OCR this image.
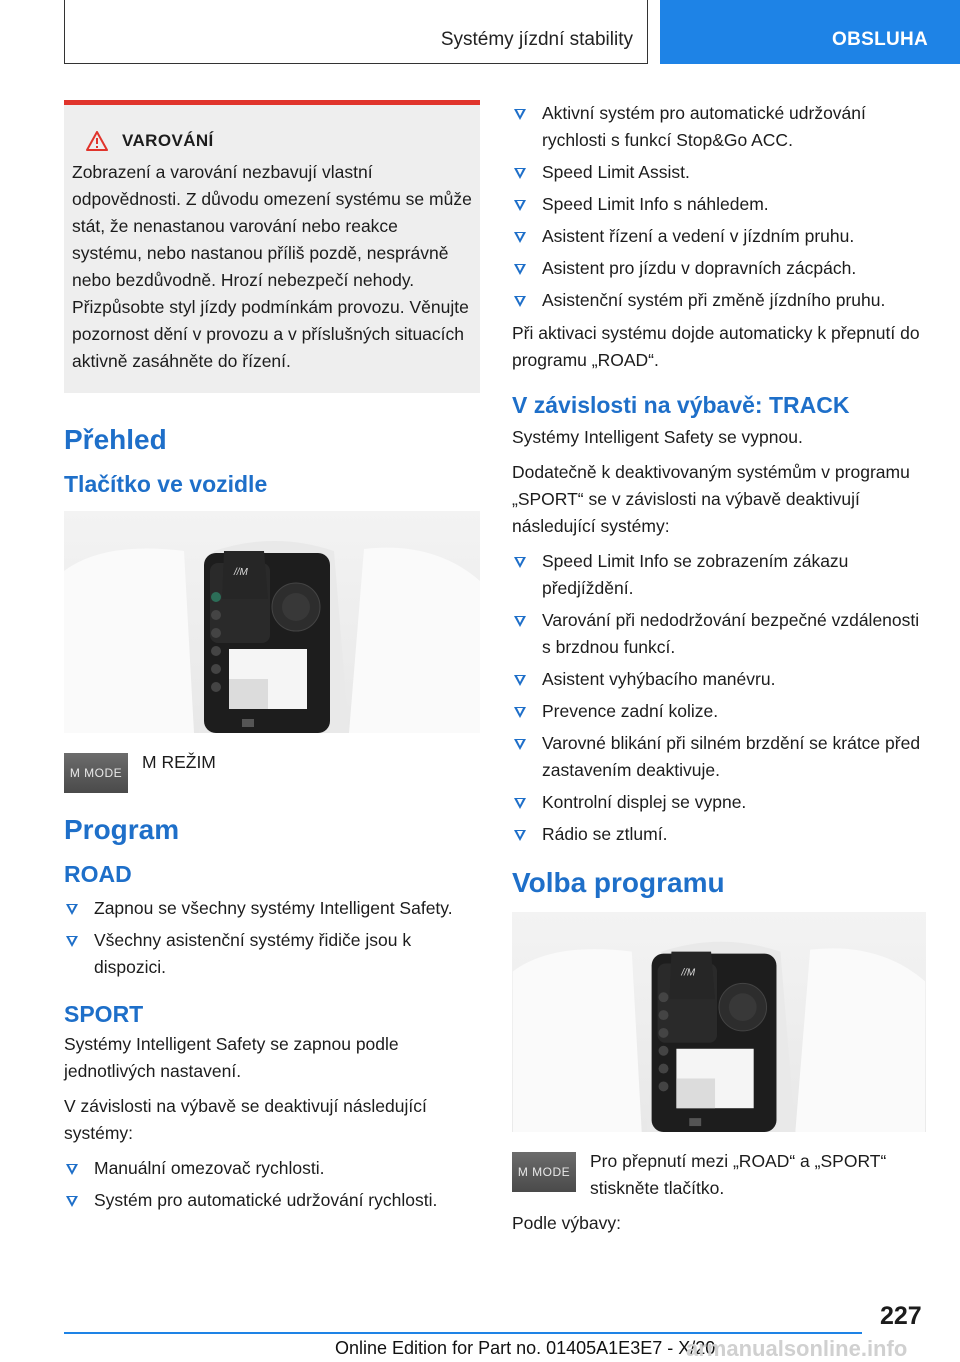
Systémy jízdní stability	OBSLUHA
VAROVÁNÍ

Zobrazení a varování nezbavují vlastní odpovědnosti. Z důvodu omezení systému se může stát, že nenastanou varování nebo reakce systému, nebo nastanou příliš pozdě, nesprávně nebo bezdůvodně. Hrozí nebezpečí nehody. Přizpůsobte styl jízdy podmínkám provozu. Věnujte pozornost dění v provozu a v příslušných situacích aktivně zasáhněte do řízení.

Přehled
Tlačítko ve vozidle
//M
M MODE
M REŽIM
Program
ROAD
Zapnou se všechny systémy Intelligent Safety.
Všechny asistenční systémy řidiče jsou k dispozici.
SPORT

Systémy Intelligent Safety se zapnou podle jednotlivých nastavení.

V závislosti na výbavě se deaktivují následující systémy:

Manuální omezovač rychlosti.
Systém pro automatické udržování rychlosti.
Aktivní systém pro automatické udržování rychlosti s funkcí Stop&Go ACC.
Speed Limit Assist.
Speed Limit Info s náhledem.
Asistent řízení a vedení v jízdním pruhu.
Asistent pro jízdu v dopravních zácpách.
Asistenční systém při změně jízdního pruhu.

Při aktivaci systému dojde automaticky k přepnutí do programu „ROAD“.

V závislosti na výbavě: TRACK

Systémy Intelligent Safety se vypnou.

Dodatečně k deaktivovaným systémům v programu „SPORT“ se v závislosti na výbavě deaktivují následující systémy:

Speed Limit Info se zobrazením zákazu předjíždění.
Varování při nedodržování bezpečné vzdálenosti s brzdnou funkcí.
Asistent vyhýbacího manévru.
Prevence zadní kolize.
Varovné blikání při silném brzdění se krátce před zastavením deaktivuje.
Kontrolní displej se vypne.
Rádio se ztlumí.
Volba programu
//M
M MODE
Pro přepnutí mezi „ROAD“ a „SPORT“ stiskněte tlačítko.

Podle výbavy:

227
Online Edition for Part no. 01405A1E3E7 - X/20
armanualsonline.info
